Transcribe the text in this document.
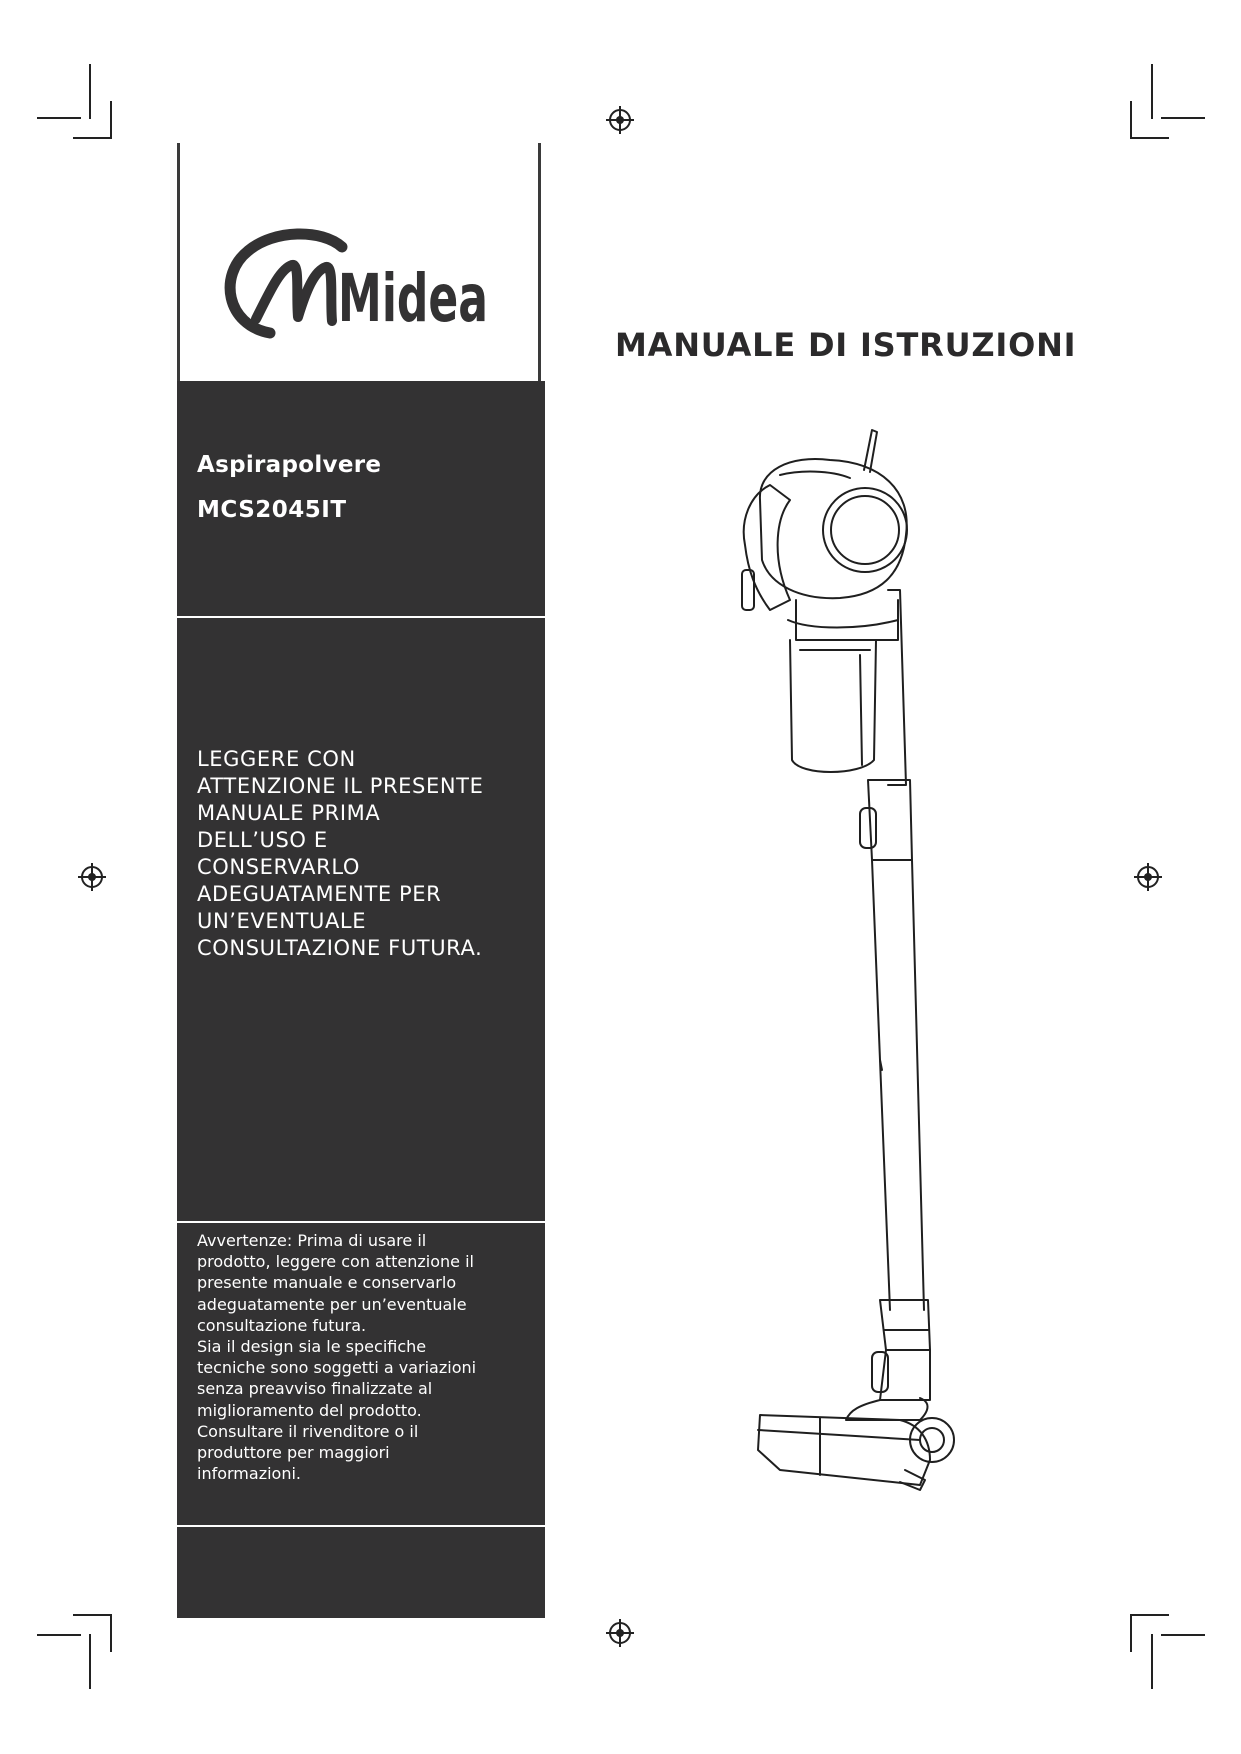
Midea

Aspirapolvere

MCS2045IT

LEGGERE CON ATTENZIONE IL PRESENTE MANUALE PRIMA DELL’USO E CONSERVARLO ADEGUATAMENTE PER UN’EVENTUALE CONSULTAZIONE FUTURA.

Avvertenze: Prima di usare il prodotto, leggere con attenzione il presente manuale e conservarlo adeguatamente per un’eventuale consultazione futura.
Sia il design sia le specifiche tecniche sono soggetti a variazioni senza preavviso finalizzate al miglioramento del prodotto. Consultare il rivenditore o il produttore per maggiori informazioni.

MANUALE DI ISTRUZIONI
